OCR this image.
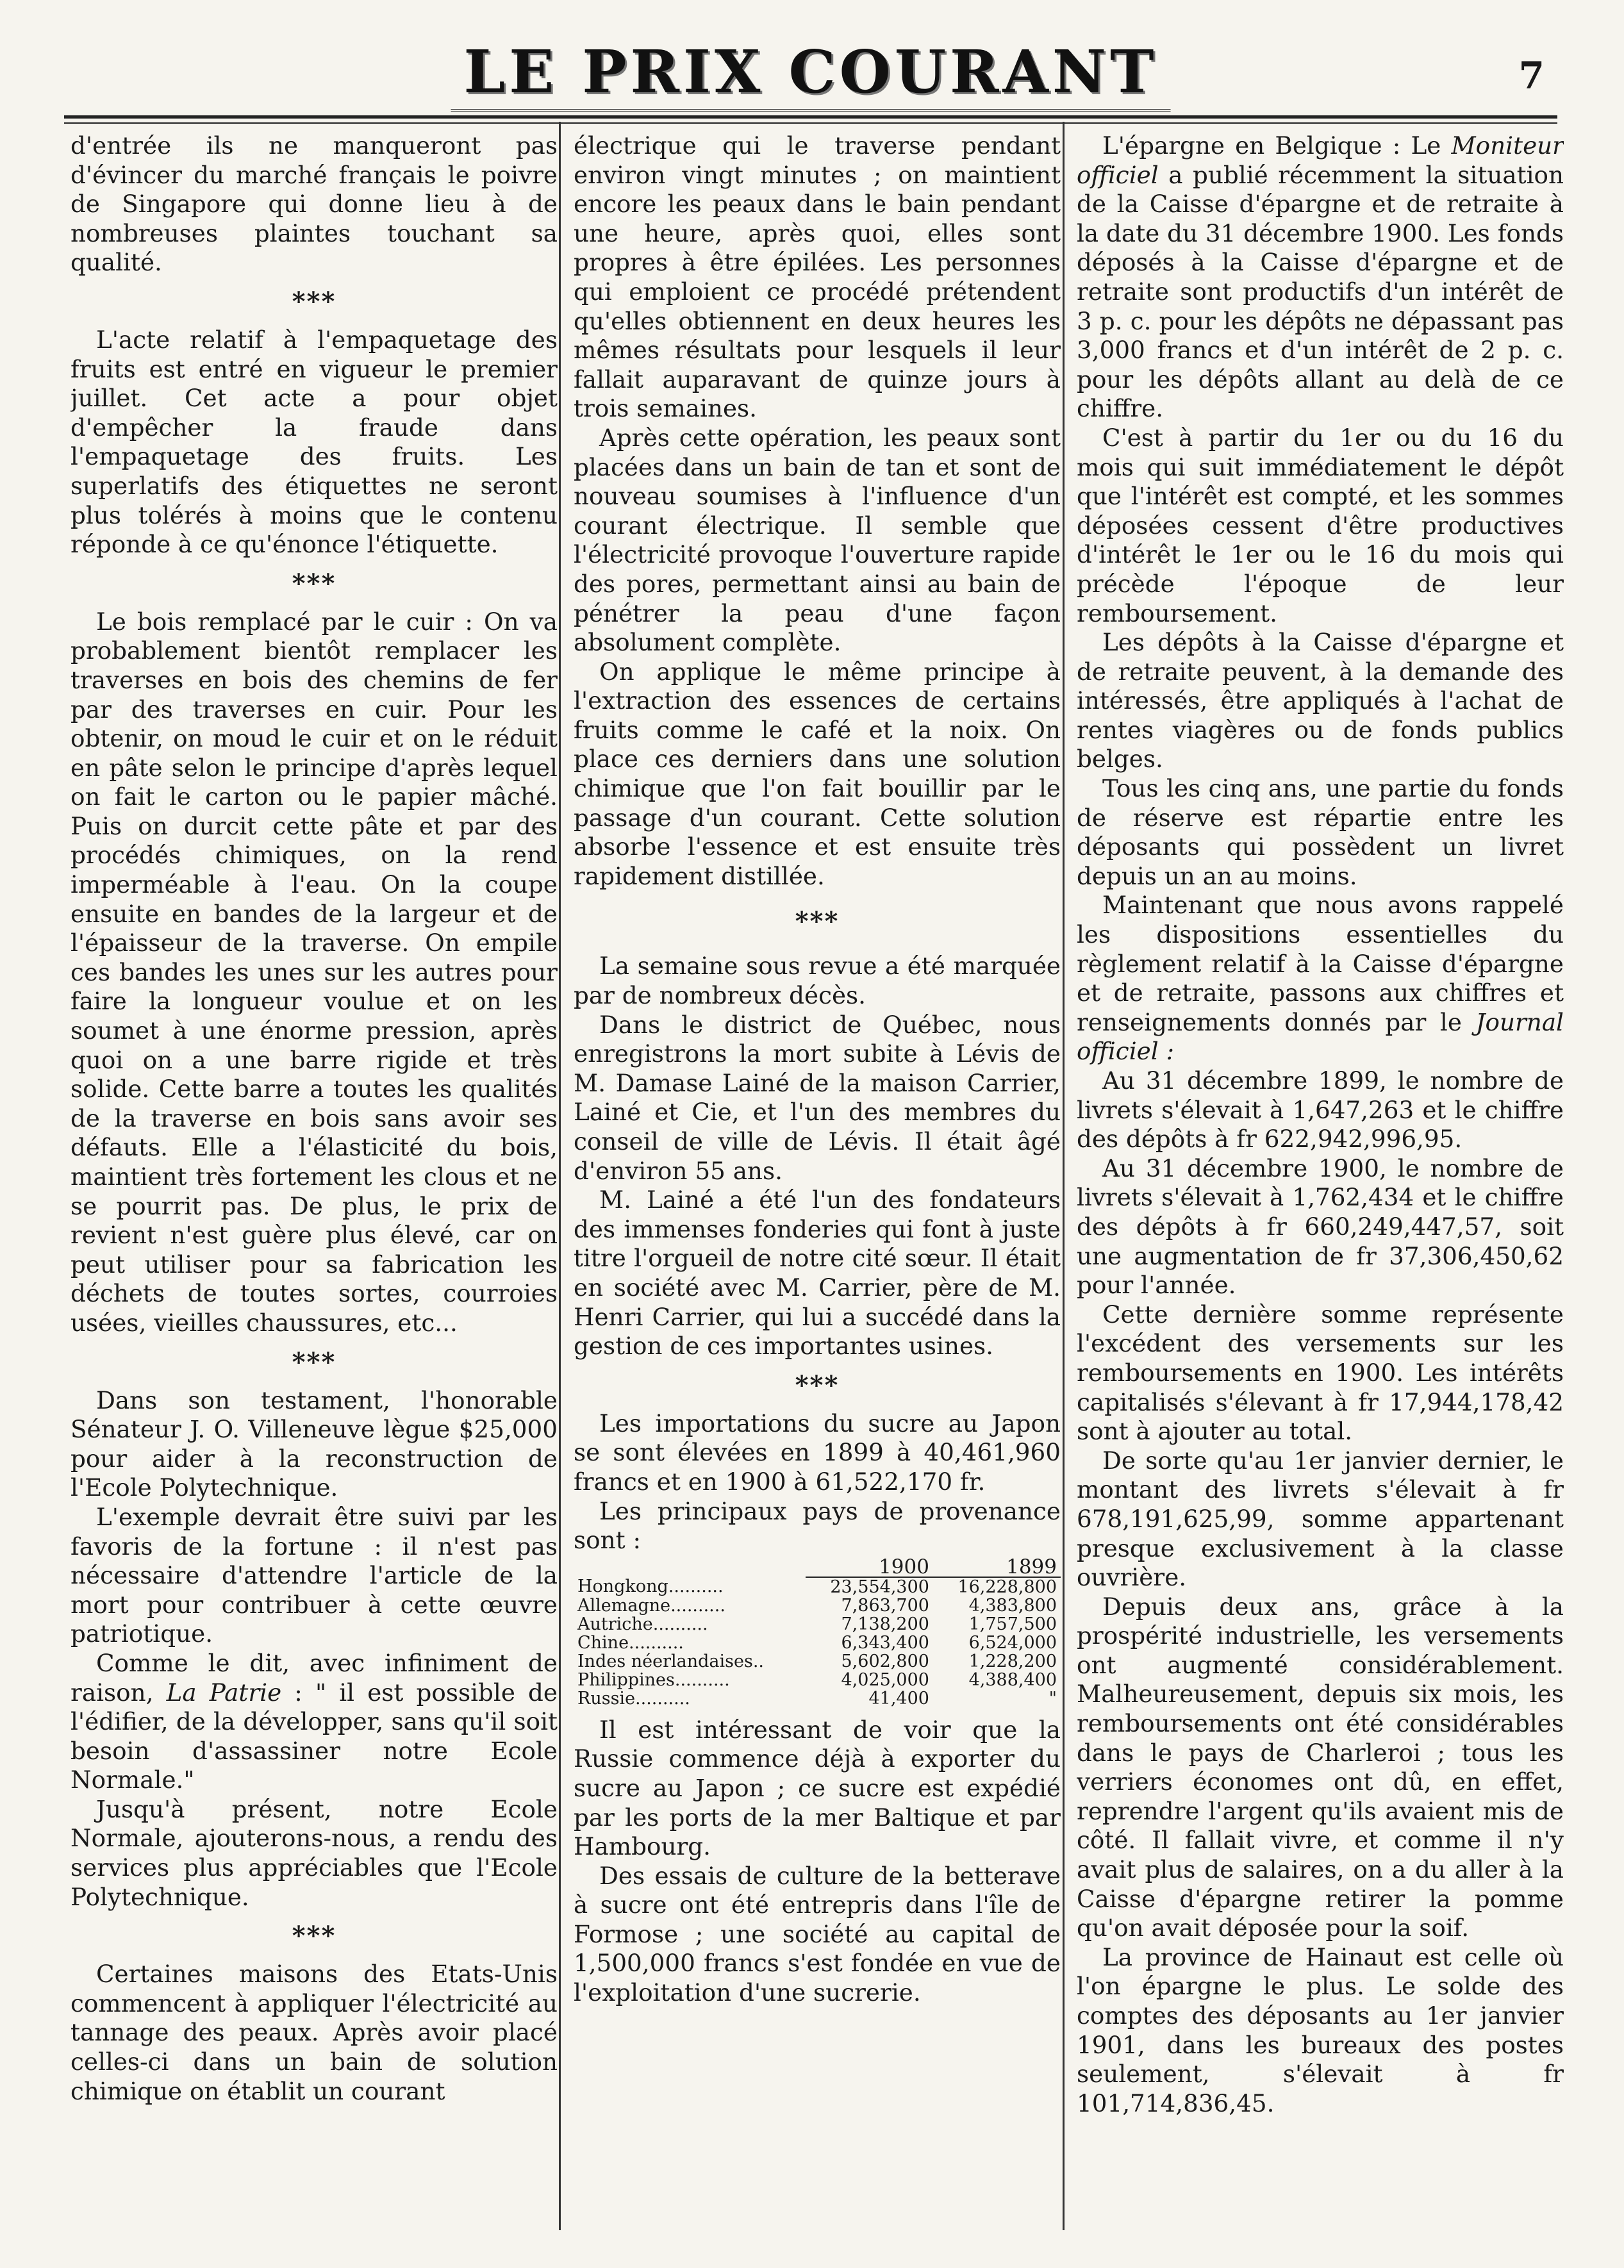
LE PRIX COURANT	7

d'entrée ils ne manqueront pas d'évincer du marché français le poivre de Singapore qui donne lieu à de nombreuses plaintes touchant sa qualité.

***

L'acte relatif à l'empaquetage des fruits est entré en vigueur le premier juillet. Cet acte a pour objet d'empêcher la fraude dans l'empaquetage des fruits. Les superlatifs des étiquettes ne seront plus tolérés à moins que le contenu réponde à ce qu'énonce l'étiquette.

***

Le bois remplacé par le cuir : On va probablement bientôt remplacer les traverses en bois des chemins de fer par des traverses en cuir. Pour les obtenir, on moud le cuir et on le réduit en pâte selon le principe d'après lequel on fait le carton ou le papier mâché. Puis on durcit cette pâte et par des procédés chimiques, on la rend imperméable à l'eau. On la coupe ensuite en bandes de la largeur et de l'épaisseur de la traverse. On empile ces bandes les unes sur les autres pour faire la longueur voulue et on les soumet à une énorme pression, après quoi on a une barre rigide et très solide. Cette barre a toutes les qualités de la traverse en bois sans avoir ses défauts. Elle a l'élasticité du bois, maintient très fortement les clous et ne se pourrit pas. De plus, le prix de revient n'est guère plus élevé, car on peut utiliser pour sa fabrication les déchets de toutes sortes, courroies usées, vieilles chaussures, etc...

***

Dans son testament, l'honorable Sénateur J. O. Villeneuve lègue $25,000 pour aider à la reconstruction de l'Ecole Polytechnique.

L'exemple devrait être suivi par les favoris de la fortune : il n'est pas nécessaire d'attendre l'article de la mort pour contribuer à cette œuvre patriotique.

Comme le dit, avec infiniment de raison, La Patrie : " il est possible de l'édifier, de la développer, sans qu'il soit besoin d'assassiner notre Ecole Normale."

Jusqu'à présent, notre Ecole Normale, ajouterons-nous, a rendu des services plus appréciables que l'Ecole Polytechnique.

***

Certaines maisons des Etats-Unis commencent à appliquer l'électricité au tannage des peaux. Après avoir placé celles-ci dans un bain de solution chimique on établit un courant

électrique qui le traverse pendant environ vingt minutes ; on maintient encore les peaux dans le bain pendant une heure, après quoi, elles sont propres à être épilées. Les personnes qui emploient ce procédé prétendent qu'elles obtiennent en deux heures les mêmes résultats pour lesquels il leur fallait auparavant de quinze jours à trois semaines.

Après cette opération, les peaux sont placées dans un bain de tan et sont de nouveau soumises à l'influence d'un courant électrique. Il semble que l'électricité provoque l'ouverture rapide des pores, permettant ainsi au bain de pénétrer la peau d'une façon absolument complète.

On applique le même principe à l'extraction des essences de certains fruits comme le café et la noix. On place ces derniers dans une solution chimique que l'on fait bouillir par le passage d'un courant. Cette solution absorbe l'essence et est ensuite très rapidement distillée.

***

La semaine sous revue a été marquée par de nombreux décès.

Dans le district de Québec, nous enregistrons la mort subite à Lévis de M. Damase Lainé de la maison Carrier, Lainé et Cie, et l'un des membres du conseil de ville de Lévis. Il était âgé d'environ 55 ans.

M. Lainé a été l'un des fondateurs des immenses fonderies qui font à juste titre l'orgueil de notre cité sœur. Il était en société avec M. Carrier, père de M. Henri Carrier, qui lui a succédé dans la gestion de ces importantes usines.

***

Les importations du sucre au Japon se sont élevées en 1899 à 40,461,960 francs et en 1900 à 61,522,170 fr.

Les principaux pays de provenance sont :

	1900	1899
Hongkong..........	23,554,300	16,228,800
Allemagne..........	7,863,700	4,383,800
Autriche..........	7,138,200	1,757,500
Chine..........	6,343,400	6,524,000
Indes néerlandaises..	5,602,800	1,228,200
Philippines..........	4,025,000	4,388,400
Russie..........	41,400	"

Il est intéressant de voir que la Russie commence déjà à exporter du sucre au Japon ; ce sucre est expédié par les ports de la mer Baltique et par Hambourg.

Des essais de culture de la betterave à sucre ont été entrepris dans l'île de Formose ; une société au capital de 1,500,000 francs s'est fondée en vue de l'exploitation d'une sucrerie.

L'épargne en Belgique : Le Moniteur officiel a publié récemment la situation de la Caisse d'épargne et de retraite à la date du 31 décembre 1900. Les fonds déposés à la Caisse d'épargne et de retraite sont productifs d'un intérêt de 3 p. c. pour les dépôts ne dépassant pas 3,000 francs et d'un intérêt de 2 p. c. pour les dépôts allant au delà de ce chiffre.

C'est à partir du 1er ou du 16 du mois qui suit immédiatement le dépôt que l'intérêt est compté, et les sommes déposées cessent d'être productives d'intérêt le 1er ou le 16 du mois qui précède l'époque de leur remboursement.

Les dépôts à la Caisse d'épargne et de retraite peuvent, à la demande des intéressés, être appliqués à l'achat de rentes viagères ou de fonds publics belges.

Tous les cinq ans, une partie du fonds de réserve est répartie entre les déposants qui possèdent un livret depuis un an au moins.

Maintenant que nous avons rappelé les dispositions essentielles du règlement relatif à la Caisse d'épargne et de retraite, passons aux chiffres et renseignements donnés par le Journal officiel :

Au 31 décembre 1899, le nombre de livrets s'élevait à 1,647,263 et le chiffre des dépôts à fr 622,942,996,95.

Au 31 décembre 1900, le nombre de livrets s'élevait à 1,762,434 et le chiffre des dépôts à fr 660,249,447,57, soit une augmentation de fr 37,306,450,62 pour l'année.

Cette dernière somme représente l'excédent des versements sur les remboursements en 1900. Les intérêts capitalisés s'élevant à fr 17,944,178,42 sont à ajouter au total.

De sorte qu'au 1er janvier dernier, le montant des livrets s'élevait à fr 678,191,625,99, somme appartenant presque exclusivement à la classe ouvrière.

Depuis deux ans, grâce à la prospérité industrielle, les versements ont augmenté considérablement. Malheureusement, depuis six mois, les remboursements ont été considérables dans le pays de Charleroi ; tous les verriers économes ont dû, en effet, reprendre l'argent qu'ils avaient mis de côté. Il fallait vivre, et comme il n'y avait plus de salaires, on a du aller à la Caisse d'épargne retirer la pomme qu'on avait déposée pour la soif.

La province de Hainaut est celle où l'on épargne le plus. Le solde des comptes des déposants au 1er janvier 1901, dans les bureaux des postes seulement, s'élevait à fr 101,714,836,45.
